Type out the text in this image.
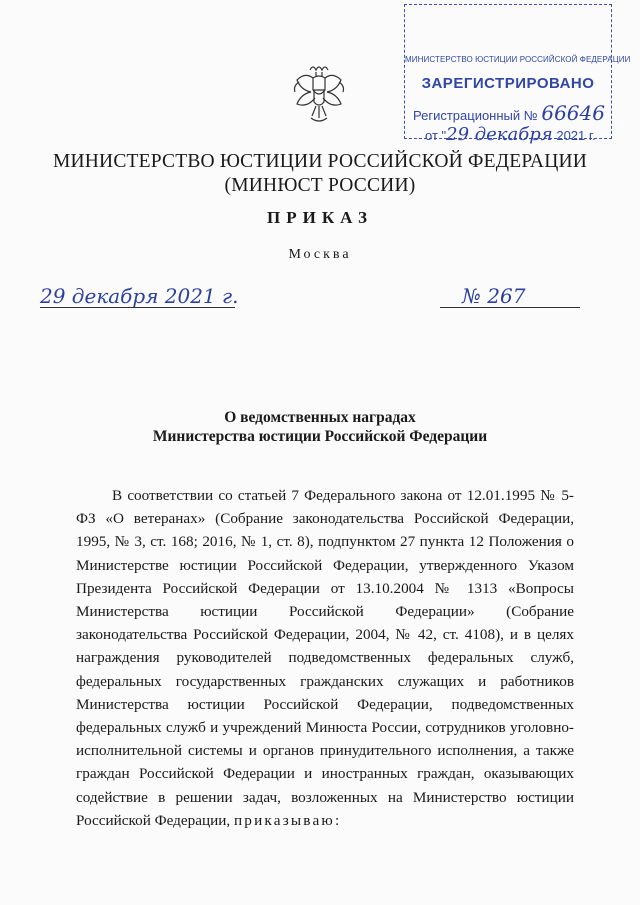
МИНИСТЕРСТВО ЮСТИЦИИ РОССИЙСКОЙ ФЕДЕРАЦИИ
ЗАРЕГИСТРИРОВАНО
Регистрационный № 66646
от "29 декабря 2021 г.
МИНИСТЕРСТВО ЮСТИЦИИ РОССИЙСКОЙ ФЕДЕРАЦИИ
(МИНЮСТ РОССИИ)
ПРИКАЗ
Москва
29 декабря 2021 г.	№ 267
О ведомственных наградах
Министерства юстиции Российской Федерации
В соответствии со статьей 7 Федерального закона от 12.01.1995 № 5-ФЗ «О ветеранах» (Собрание законодательства Российской Федерации, 1995, № 3, ст. 168; 2016, № 1, ст. 8), подпунктом 27 пункта 12 Положения о Министерстве юстиции Российской Федерации, утвержденного Указом Президента Российской Федерации от 13.10.2004 № 1313 «Вопросы Министерства юстиции Российской Федерации» (Собрание законодательства Российской Федерации, 2004, № 42, ст. 4108), и в целях награждения руководителей подведомственных федеральных служб, федеральных государственных гражданских служащих и работников Министерства юстиции Российской Федерации, подведомственных федеральных служб и учреждений Минюста России, сотрудников уголовно-исполнительной системы и органов принудительного исполнения, а также граждан Российской Федерации и иностранных граждан, оказывающих содействие в решении задач, возложенных на Министерство юстиции Российской Федерации, приказываю:
